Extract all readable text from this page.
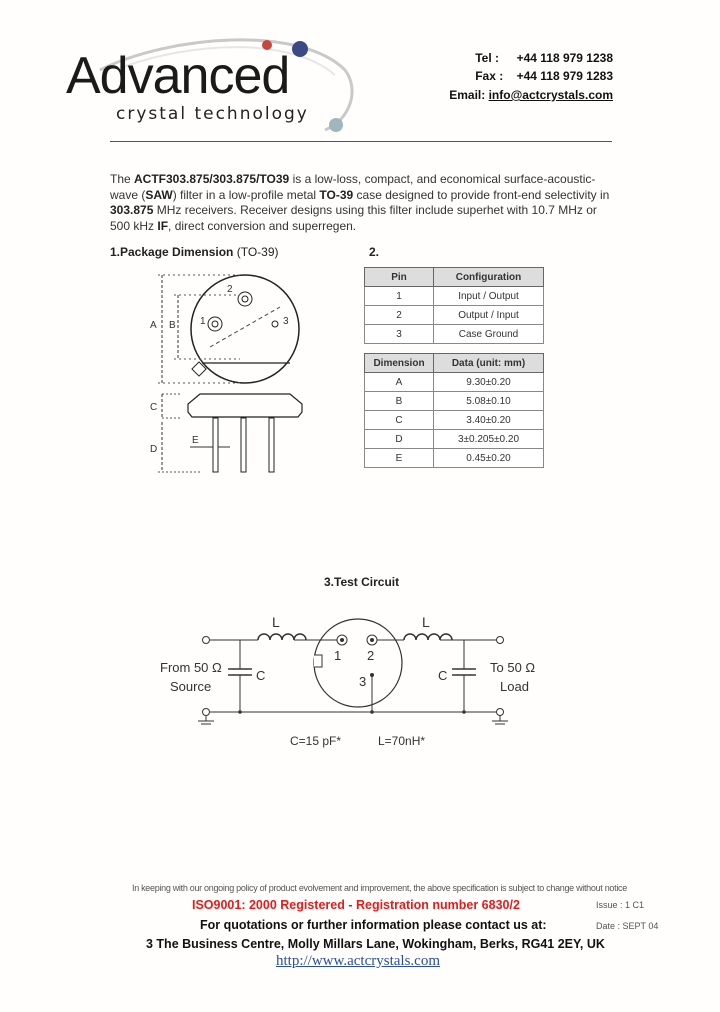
Advanced
crystal technology
Tel : +44 118 979 1238
Fax : +44 118 979 1283
Email: info@actcrystals.com
The ACTF303.875/303.875/TO39 is a low-loss, compact, and economical surface-acoustic-wave (SAW) filter in a low-profile metal TO-39 case designed to provide front-end selectivity in 303.875 MHz receivers. Receiver designs using this filter include superhet with 10.7 MHz or 500 kHz IF, direct conversion and superregen.
1.Package Dimension (TO-39)
1
2
3
A B
C
D
E
2.
Pin	Configuration
1	Input / Output
2	Output / Input
3	Case Ground
Dimension	Data (unit: mm)
A	9.30±0.20
B	5.08±0.10
C	3.40±0.20
D	3±0.205±0.20
E	0.45±0.20
3.Test Circuit
1 2
3
L	L
C	C
From 50 Ω
Source
To 50 Ω
Load
C=15 pF*	L=70nH*
In keeping with our ongoing policy of product evolvement and improvement, the above specification is subject to change without notice
ISO9001: 2000 Registered - Registration number 6830/2	Issue : 1 C1
For quotations or further information please contact us at:	Date : SEPT 04
3 The Business Centre, Molly Millars Lane, Wokingham, Berks, RG41 2EY, UK
http://www.actcrystals.com
